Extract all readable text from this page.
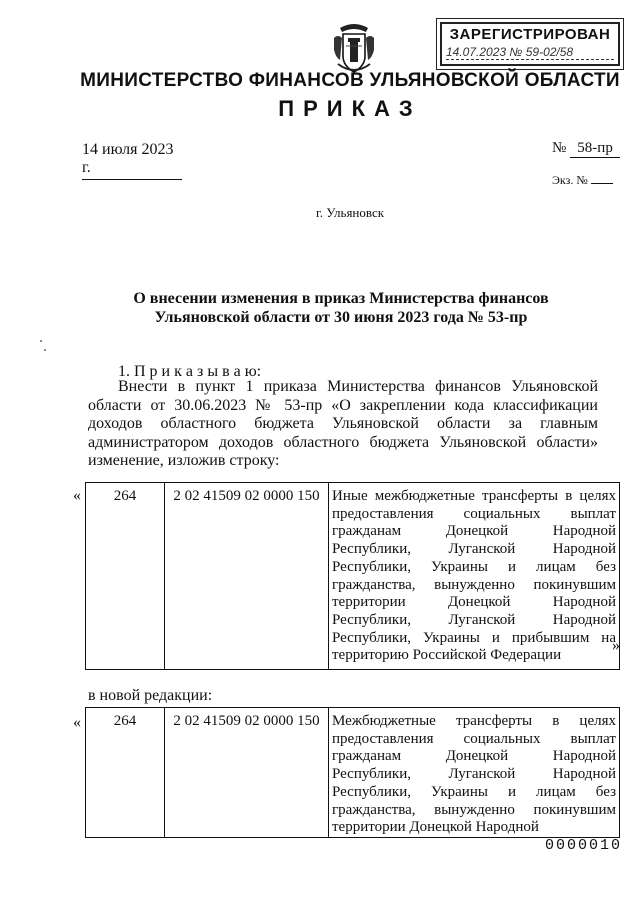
ЗАРЕГИСТРИРОВАН
14.07.2023 № 59-02/58
МИНИСТЕРСТВО ФИНАНСОВ УЛЬЯНОВСКОЙ ОБЛАСТИ
ПРИКАЗ
14 июля 2023 г.
№ 58-пр
Экз. №
г. Ульяновск
О внесении изменения в приказ Министерства финансов Ульяновской области от 30 июня 2023 года № 53-пр
1. П р и к а з ы в а ю:
Внести в пункт 1 приказа Министерства финансов Ульяновской области от 30.06.2023 № 53-пр «О закреплении кода классификации доходов областного бюджета Ульяновской области за главным администратором доходов областного бюджета Ульяновской области» изменение, изложив строку:
« 264	2 02 41509 02 0000 150	Иные межбюджетные трансферты в целях предоставления социальных выплат гражданам Донецкой Народной Республики, Луганской Народной Республики, Украины и лицам без гражданства, вынужденно покинувшим территории Донецкой Народной Республики, Луганской Народной Республики, Украины и прибывшим на территорию Российской Федерации
»
в новой редакции:
« 264	2 02 41509 02 0000 150	Межбюджетные трансферты в целях предоставления социальных выплат гражданам Донецкой Народной Республики, Луганской Народной Республики, Украины и лицам без гражданства, вынужденно покинувшим территории Донецкой Народной
0000010
